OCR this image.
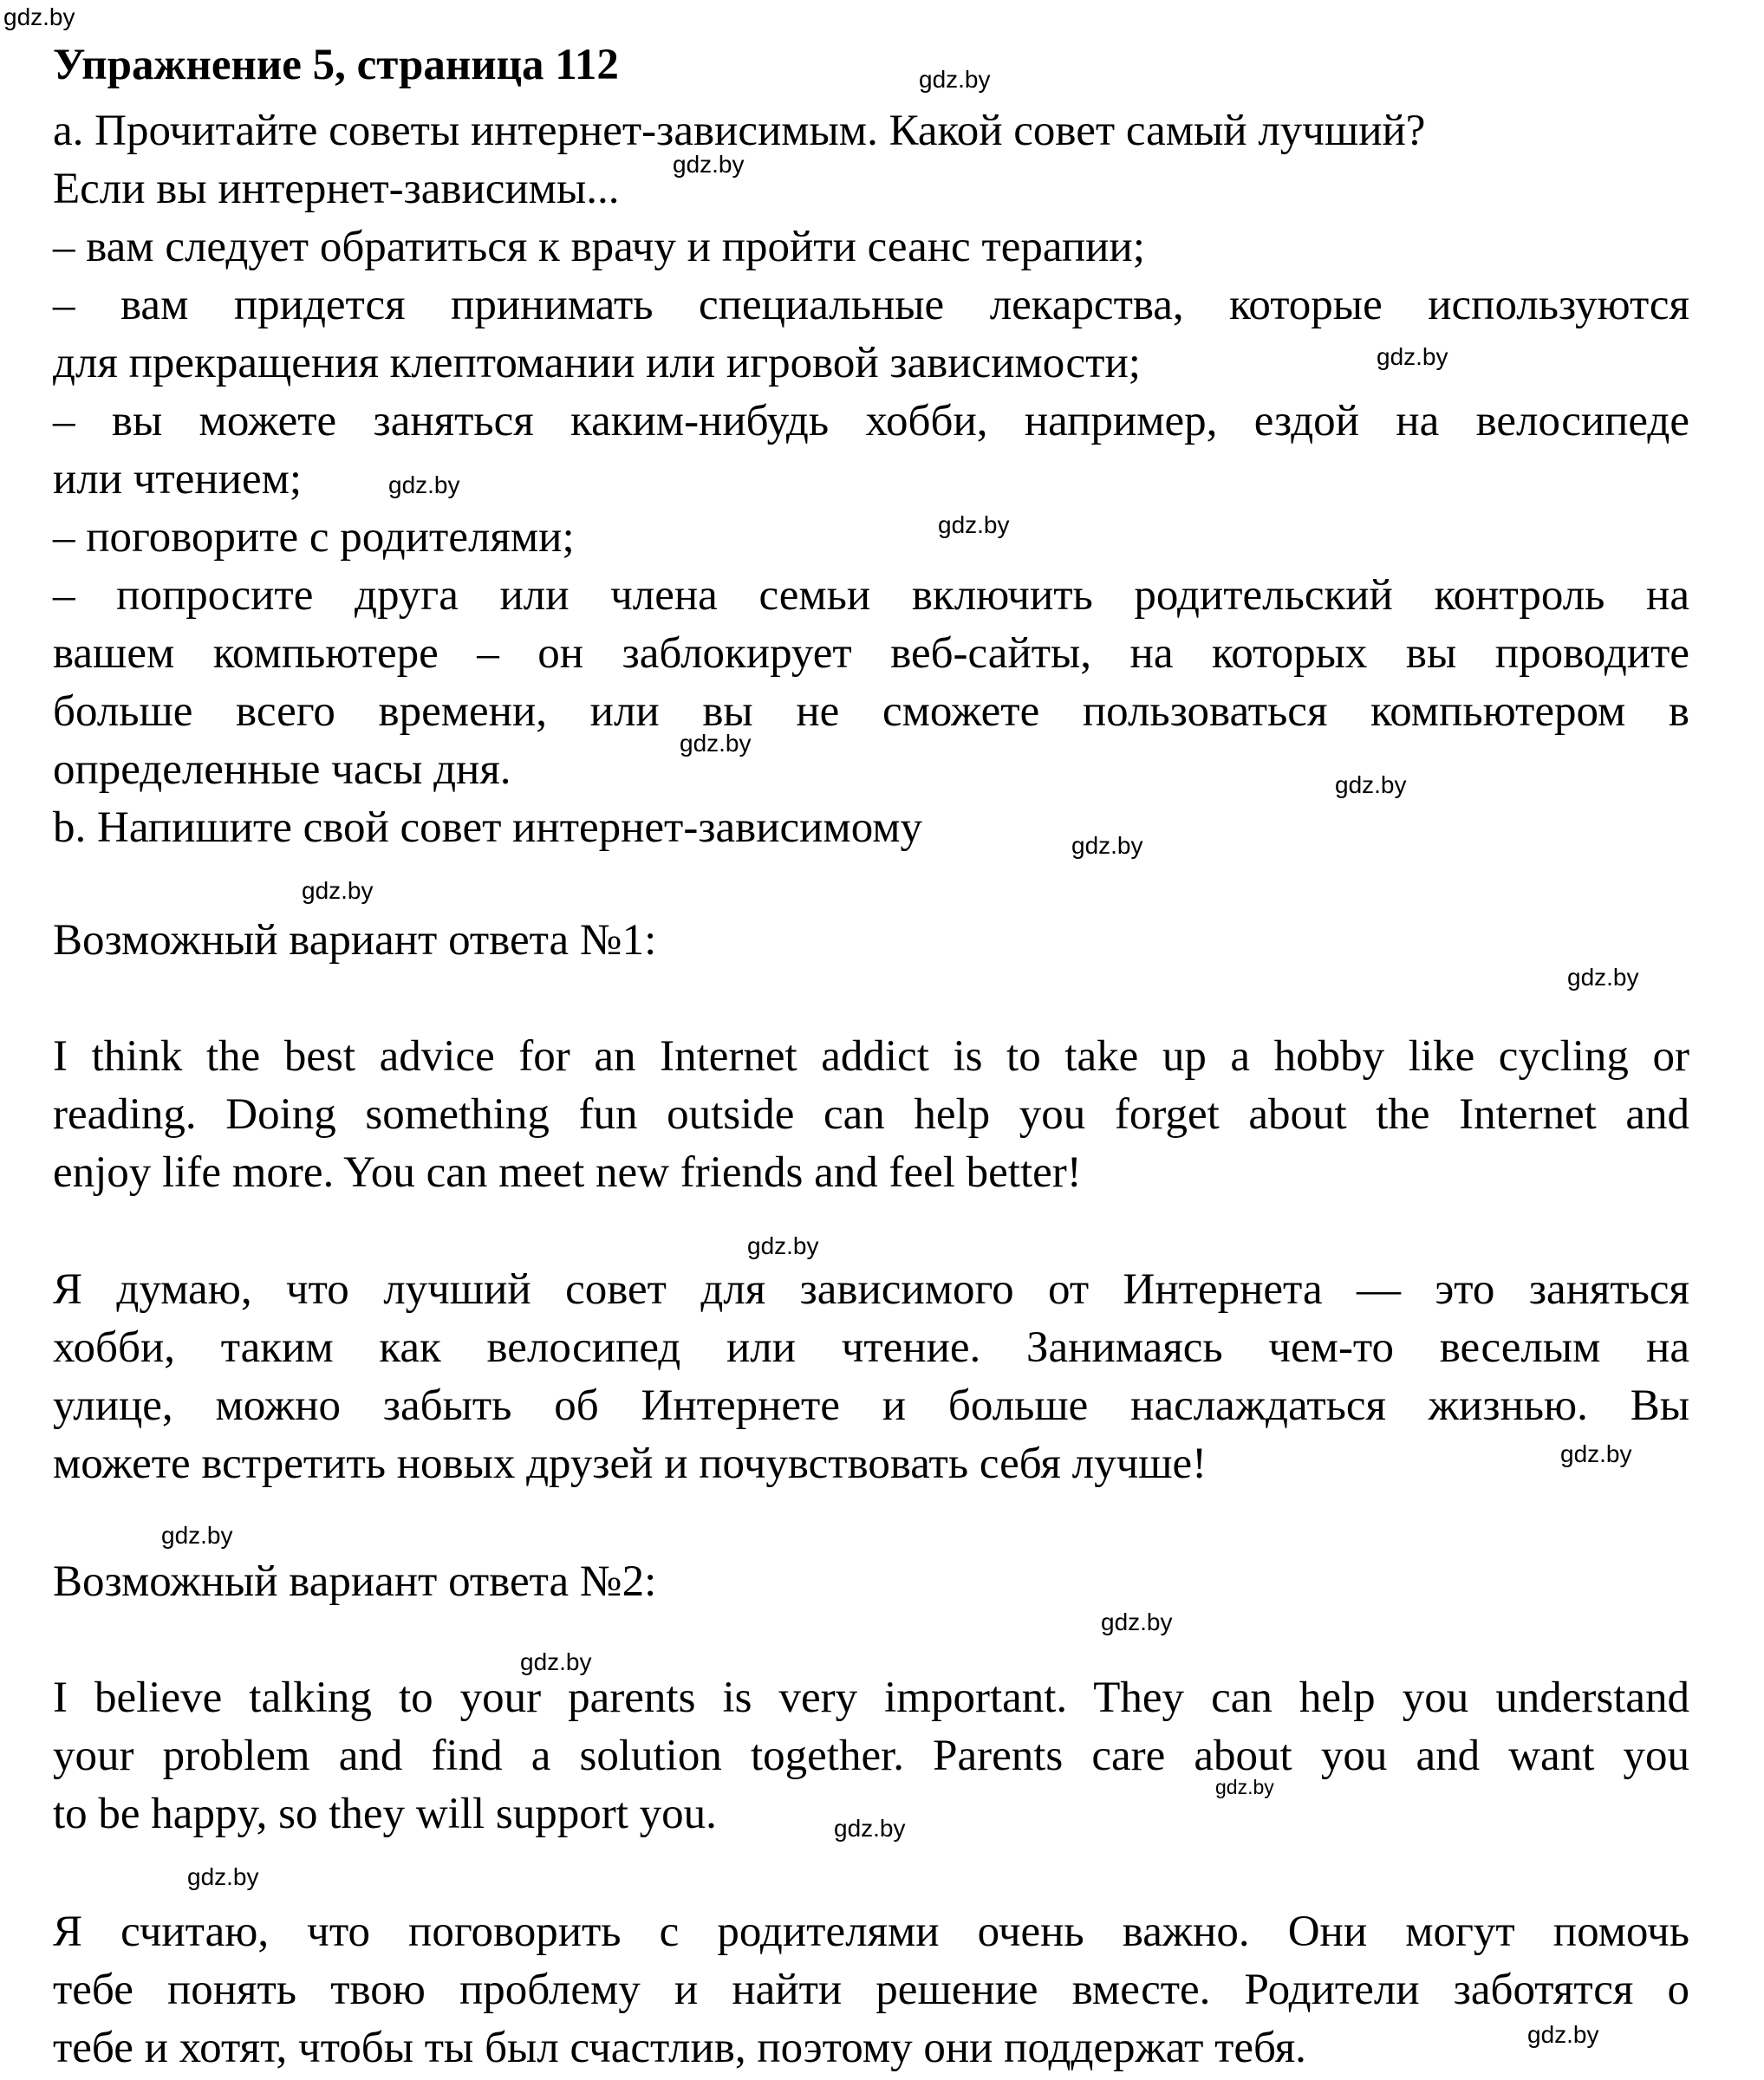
Упражнение 5, страница 112
a. Прочитайте советы интернет-зависимым. Какой совет самый лучший?
Если вы интернет-зависимы...
– вам следует обратиться к врачу и пройти сеанс терапии;
– вам придется принимать специальные лекарства, которые используются
для прекращения клептомании или игровой зависимости;
– вы можете заняться каким-нибудь хобби, например, ездой на велосипеде
или чтением;
– поговорите с родителями;
– попросите друга или члена семьи включить родительский контроль на
вашем компьютере – он заблокирует веб-сайты, на которых вы проводите
больше всего времени, или вы не сможете пользоваться компьютером в
определенные часы дня.
b. Напишите свой совет интернет-зависимому
Возможный вариант ответа №1:
I think the best advice for an Internet addict is to take up a hobby like cycling or
reading. Doing something fun outside can help you forget about the Internet and
enjoy life more. You can meet new friends and feel better!
Я думаю, что лучший совет для зависимого от Интернета — это заняться
хобби, таким как велосипед или чтение. Занимаясь чем-то веселым на
улице, можно забыть об Интернете и больше наслаждаться жизнью. Вы
можете встретить новых друзей и почувствовать себя лучше!
Возможный вариант ответа №2:
I believe talking to your parents is very important. They can help you understand
your problem and find a solution together. Parents care about you and want you
to be happy, so they will support you.
Я считаю, что поговорить с родителями очень важно. Они могут помочь
тебе понять твою проблему и найти решение вместе. Родители заботятся о
тебе и хотят, чтобы ты был счастлив, поэтому они поддержат тебя.
gdz.by
gdz.by
gdz.by
gdz.by
gdz.by
gdz.by
gdz.by
gdz.by
gdz.by
gdz.by
gdz.by
gdz.by
gdz.by
gdz.by
gdz.by
gdz.by
gdz.by
gdz.by
gdz.by
gdz.by
